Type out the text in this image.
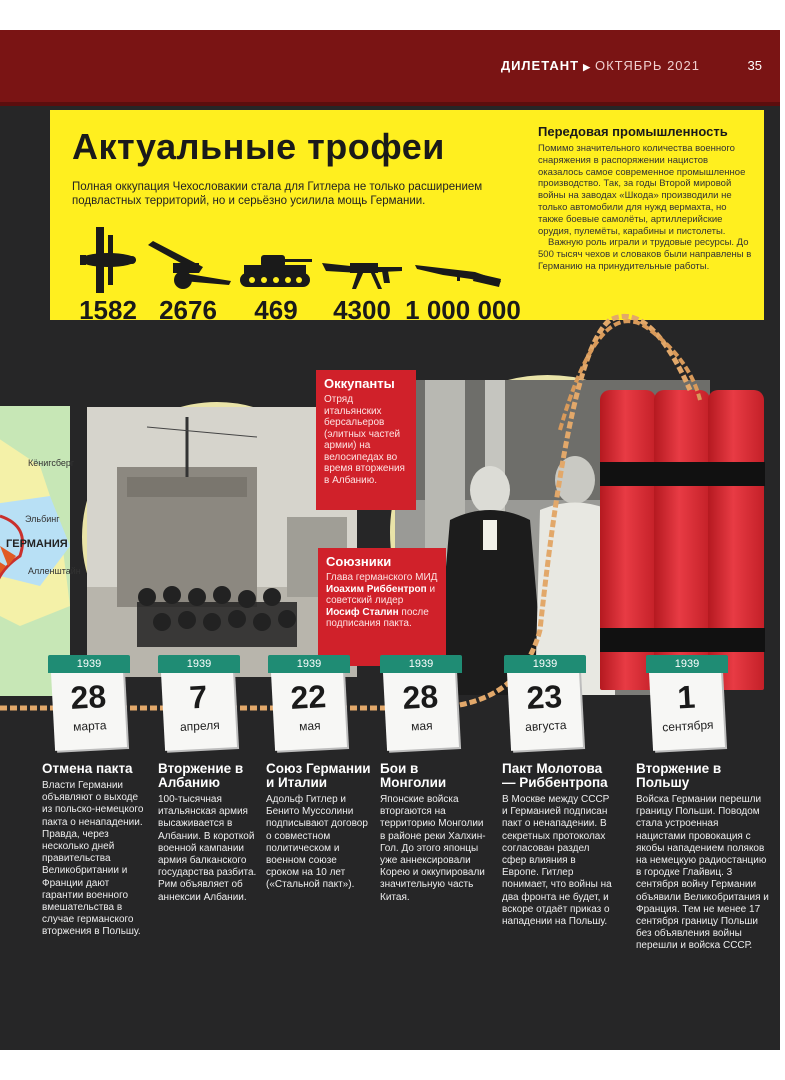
ДИЛЕТАНТ ▶ ОКТЯБРЬ 2021	35
Актуальные трофеи
Полная оккупация Чехословакии стала для Гитлера не только расширением подвластных территорий, но и серьёзно усилила мощь Германии.
1582 2676 469 4300 1 000 000
Передовая промышленность

Помимо значительного количества военного снаряжения в распоряжении нацистов оказалось самое современное промышленное производство. Так, за годы Второй мировой войны на заводах «Шкода» производили не только автомобили для нужд вермахта, но также боевые самолёты, артиллерийские орудия, пулемёты, карабины и пистолеты.

Важную роль играли и трудовые ресурсы. До 500 тысяч чехов и словаков были направлены в Германию на принудительные работы.

Кёнигсберг
Эльбинг
ГЕРМАНИЯ
Алленштайн
Оккупанты
Отряд итальянских берсальеров (элитных частей армии) на велосипедах во время вторжения в Албанию.
Союзники
Глава германского МИД Иоахим Риббентроп и советский лидер Иосиф Сталин после подписания пакта.
1939
28
марта
1939
7
апреля
1939
22
мая
1939
28
мая
1939
23
августа
1939
1
сентября
Отмена пакта
Власти Германии объявляют о выходе из польско-немецкого пакта о ненападении. Правда, через несколько дней правительства Великобритании и Франции дают гарантии военного вмешательства в случае германского вторжения в Польшу.
Вторжение в Албанию
100-тысячная итальянская армия высаживается в Албании. В короткой военной кампании армия балканского государства разбита. Рим объявляет об аннексии Албании.
Союз Германии и Италии
Адольф Гитлер и Бенито Муссолини подписывают договор о совместном политическом и военном союзе сроком на 10 лет («Стальной пакт»).
Бои в Монголии
Японские войска вторгаются на территорию Монголии в районе реки Халхин-Гол. До этого японцы уже аннексировали Корею и оккупировали значительную часть Китая.
Пакт Молотова — Риббентропа
В Москве между СССР и Германией подписан пакт о ненападении. В секретных протоколах согласован раздел сфер влияния в Европе. Гитлер понимает, что войны на два фронта не будет, и вскоре отдаёт приказ о нападении на Польшу.
Вторжение в Польшу
Войска Германии перешли границу Польши. Поводом стала устроенная нацистами провокация с якобы нападением поляков на немецкую радиостанцию в городке Глайвиц. 3 сентября войну Германии объявили Великобритания и Франция. Тем не менее 17 сентября границу Польши без объявления войны перешли и войска СССР.
